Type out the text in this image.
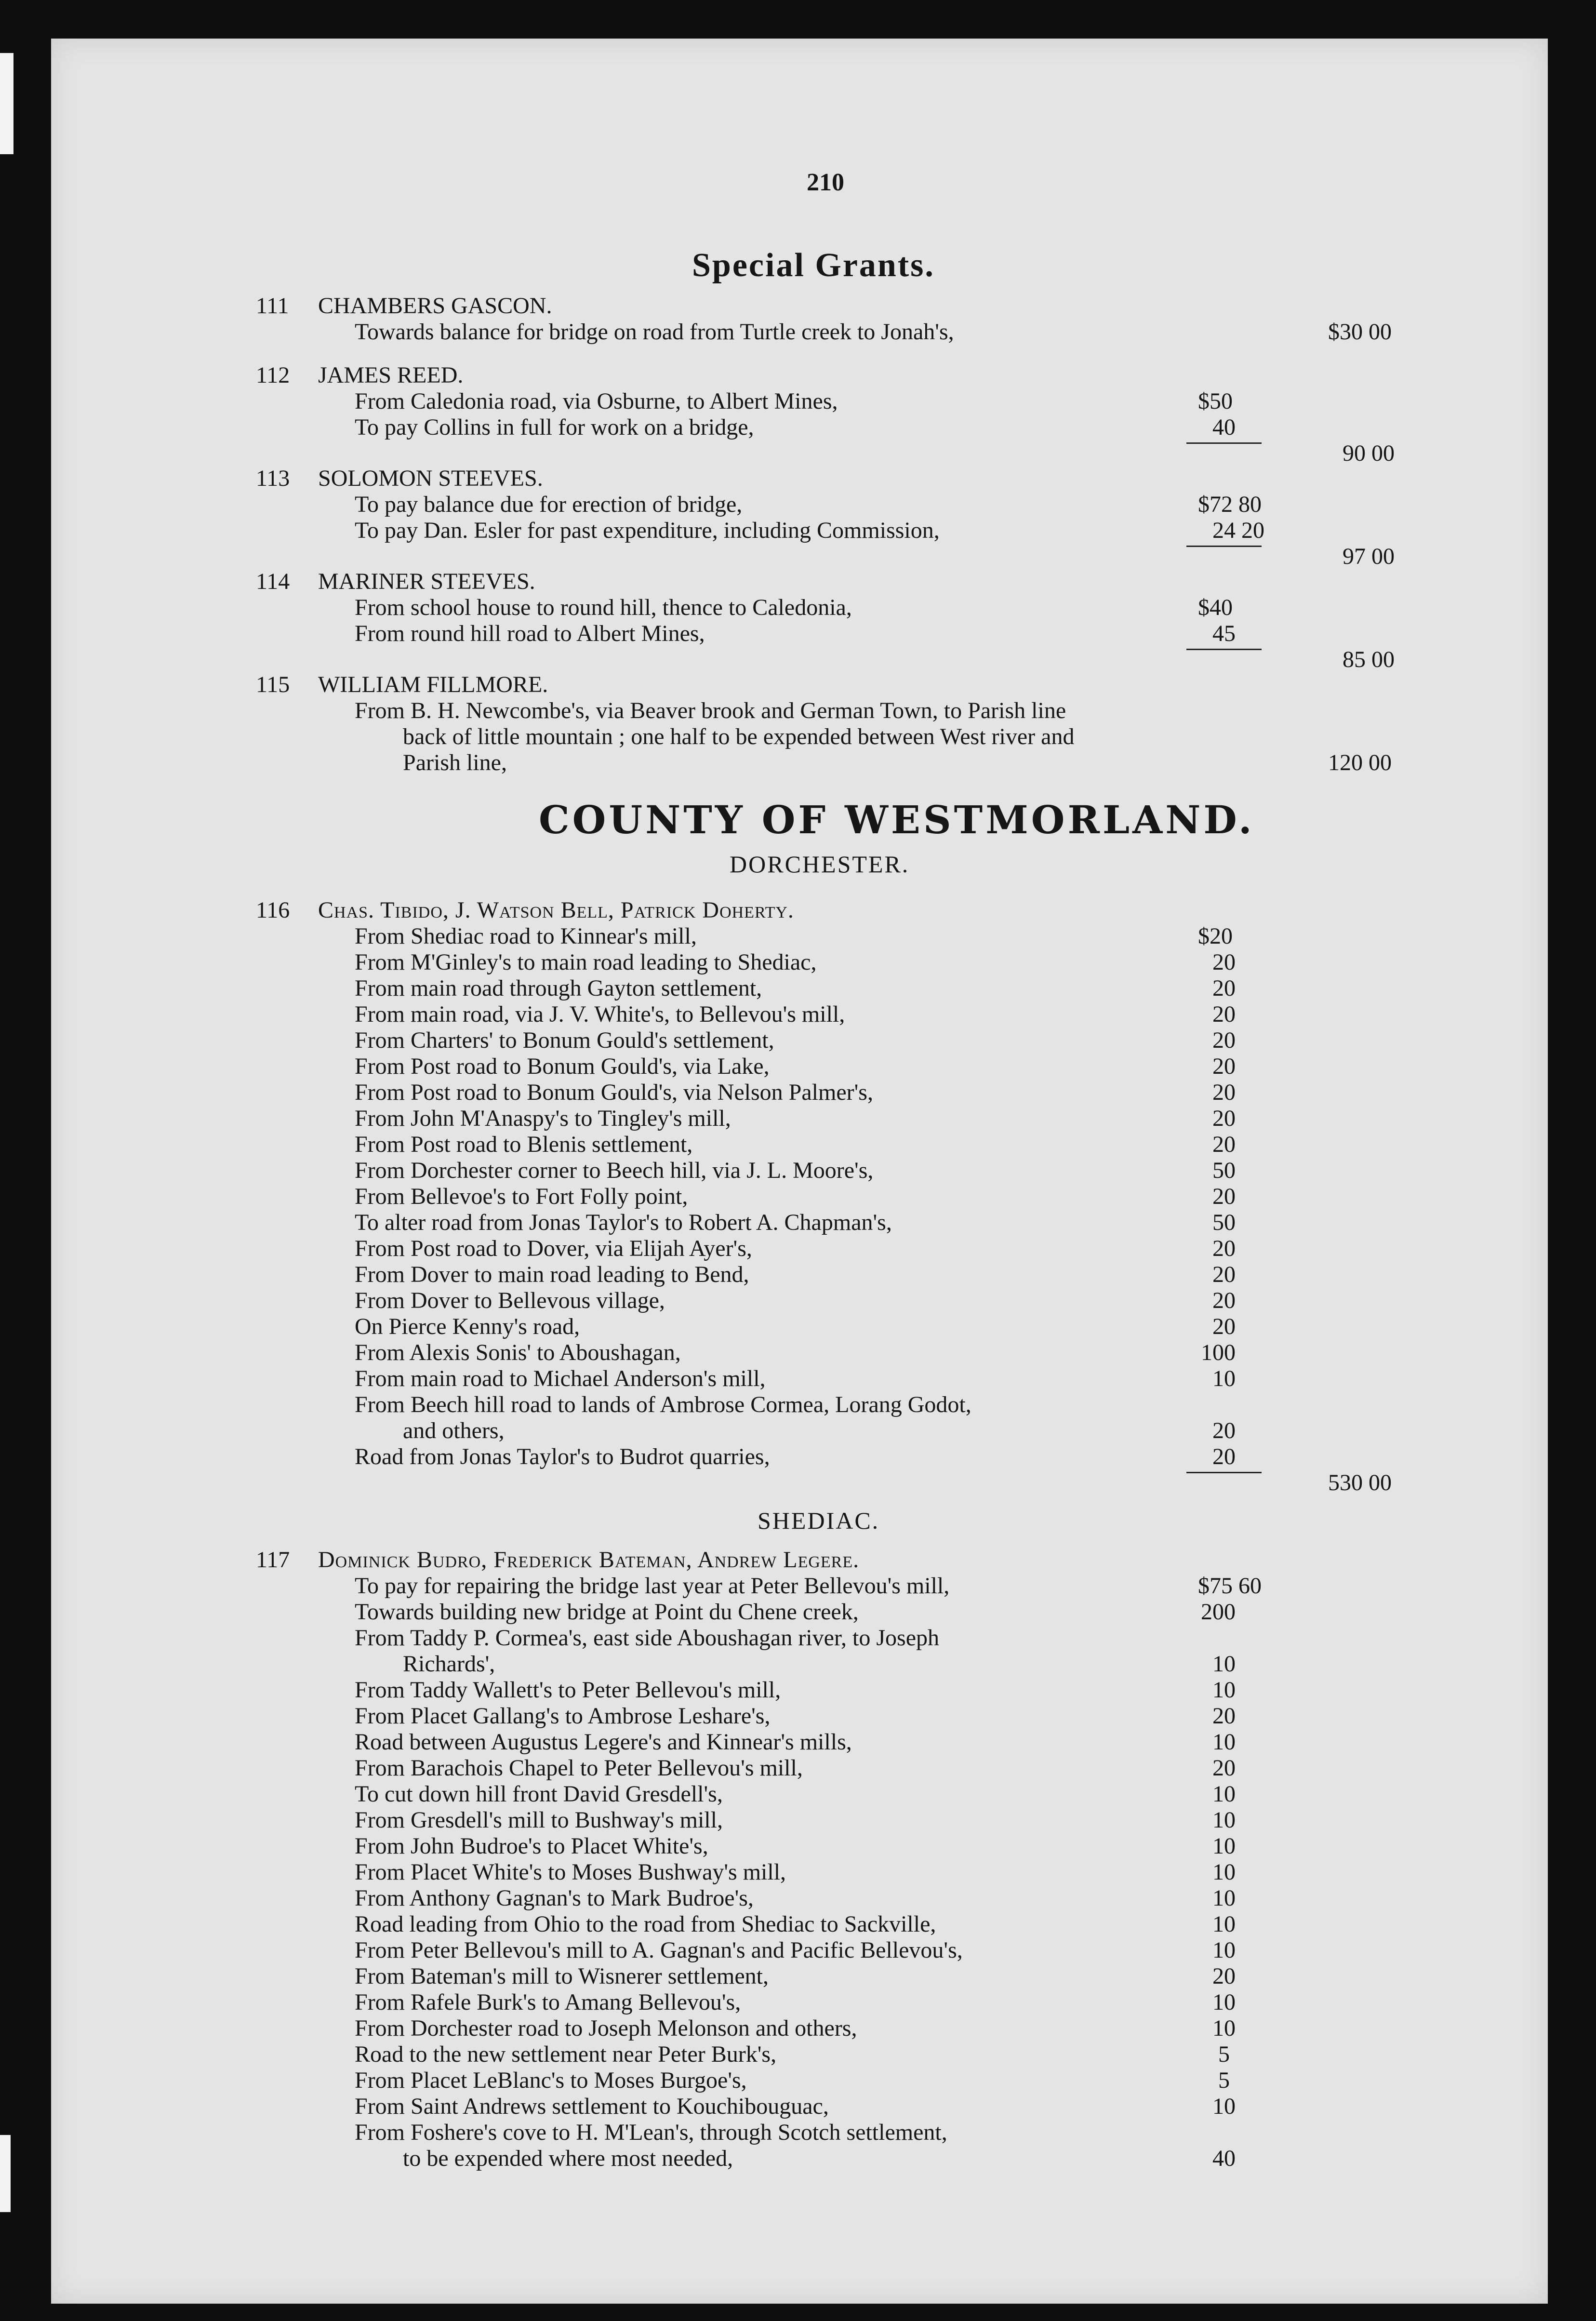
210
Special Grants.
111 CHAMBERS GASCON.
Towards balance for bridge on road from Turtle creek to Jonah's,	$30 00
112 JAMES REED.
From Caledonia road, via Osburne, to Albert Mines,	$50
To pay Collins in full for work on a bridge,	40
90 00
113 SOLOMON STEEVES.
To pay balance due for erection of bridge,	$72 80
To pay Dan. Esler for past expenditure, including Commission,	24 20
97 00
114 MARINER STEEVES.
From school house to round hill, thence to Caledonia,	$40
From round hill road to Albert Mines,	45
85 00
115 WILLIAM FILLMORE.
From B. H. Newcombe's, via Beaver brook and German Town, to Parish line
back of little mountain ; one half to be expended between West river and
Parish line,	120 00
COUNTY OF WESTMORLAND.
DORCHESTER.
116 Chas. Tibido, J. Watson Bell, Patrick Doherty.
From Shediac road to Kinnear's mill,	$20
From M'Ginley's to main road leading to Shediac,	20
From main road through Gayton settlement,	20
From main road, via J. V. White's, to Bellevou's mill,	20
From Charters' to Bonum Gould's settlement,	20
From Post road to Bonum Gould's, via Lake,	20
From Post road to Bonum Gould's, via Nelson Palmer's,	20
From John M'Anaspy's to Tingley's mill,	20
From Post road to Blenis settlement,	20
From Dorchester corner to Beech hill, via J. L. Moore's,	50
From Bellevoe's to Fort Folly point,	20
To alter road from Jonas Taylor's to Robert A. Chapman's,	50
From Post road to Dover, via Elijah Ayer's,	20
From Dover to main road leading to Bend,	20
From Dover to Bellevous village,	20
On Pierce Kenny's road,	20
From Alexis Sonis' to Aboushagan,	100
From main road to Michael Anderson's mill,	10
From Beech hill road to lands of Ambrose Cormea, Lorang Godot,
and others,	20
Road from Jonas Taylor's to Budrot quarries,	20
530 00
SHEDIAC.
117 Dominick Budro, Frederick Bateman, Andrew Legere.
To pay for repairing the bridge last year at Peter Bellevou's mill,	$75 60
Towards building new bridge at Point du Chene creek,	200
From Taddy P. Cormea's, east side Aboushagan river, to Joseph
Richards',	10
From Taddy Wallett's to Peter Bellevou's mill,	10
From Placet Gallang's to Ambrose Leshare's,	20
Road between Augustus Legere's and Kinnear's mills,	10
From Barachois Chapel to Peter Bellevou's mill,	20
To cut down hill front David Gresdell's,	10
From Gresdell's mill to Bushway's mill,	10
From John Budroe's to Placet White's,	10
From Placet White's to Moses Bushway's mill,	10
From Anthony Gagnan's to Mark Budroe's,	10
Road leading from Ohio to the road from Shediac to Sackville,	10
From Peter Bellevou's mill to A. Gagnan's and Pacific Bellevou's,	10
From Bateman's mill to Wisnerer settlement,	20
From Rafele Burk's to Amang Bellevou's,	10
From Dorchester road to Joseph Melonson and others,	10
Road to the new settlement near Peter Burk's,	5
From Placet LeBlanc's to Moses Burgoe's,	5
From Saint Andrews settlement to Kouchibouguac,	10
From Foshere's cove to H. M'Lean's, through Scotch settlement,
to be expended where most needed,	40
